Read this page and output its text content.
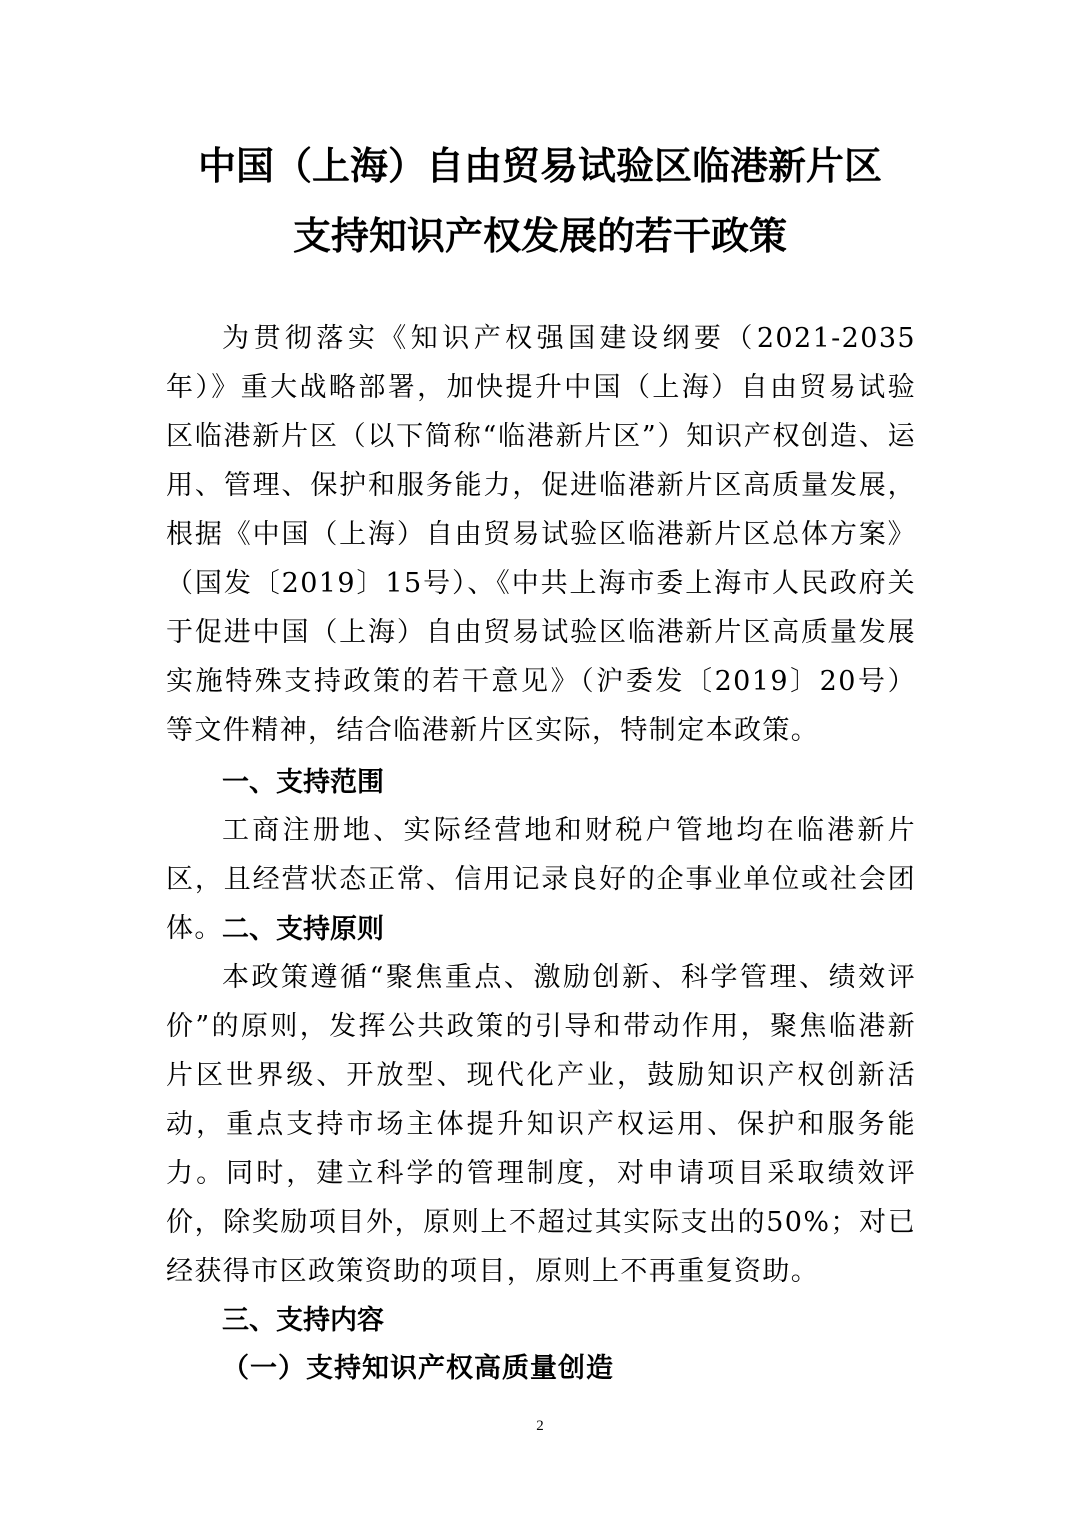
中国（上海）自由贸易试验区临港新片区
支持知识产权发展的若干政策

为贯彻落实《知识产权强国建设纲要（2021-2035年）》重大战略部署，加快提升中国（上海）自由贸易试验区临港新片区（以下简称“临港新片区”）知识产权创造、运用、管理、保护和服务能力，促进临港新片区高质量发展，根据《中国（上海）自由贸易试验区临港新片区总体方案》（国发〔2019〕15号）、《中共上海市委上海市人民政府关于促进中国（上海）自由贸易试验区临港新片区高质量发展实施特殊支持政策的若干意见》（沪委发〔2019〕20号）等文件精神，结合临港新片区实际，特制定本政策。

一、支持范围

工商注册地、实际经营地和财税户管地均在临港新片区，且经营状态正常、信用记录良好的企事业单位或社会团体。 二、支持原则

本政策遵循“聚焦重点、激励创新、科学管理、绩效评价”的原则，发挥公共政策的引导和带动作用，聚焦临港新片区世界级、开放型、现代化产业，鼓励知识产权创新活动，重点支持市场主体提升知识产权运用、保护和服务能力。同时，建立科学的管理制度，对申请项目采取绩效评价，除奖励项目外，原则上不超过其实际支出的50%；对已经获得市区政策资助的项目，原则上不再重复资助。

三、支持内容
（一）支持知识产权高质量创造
2
